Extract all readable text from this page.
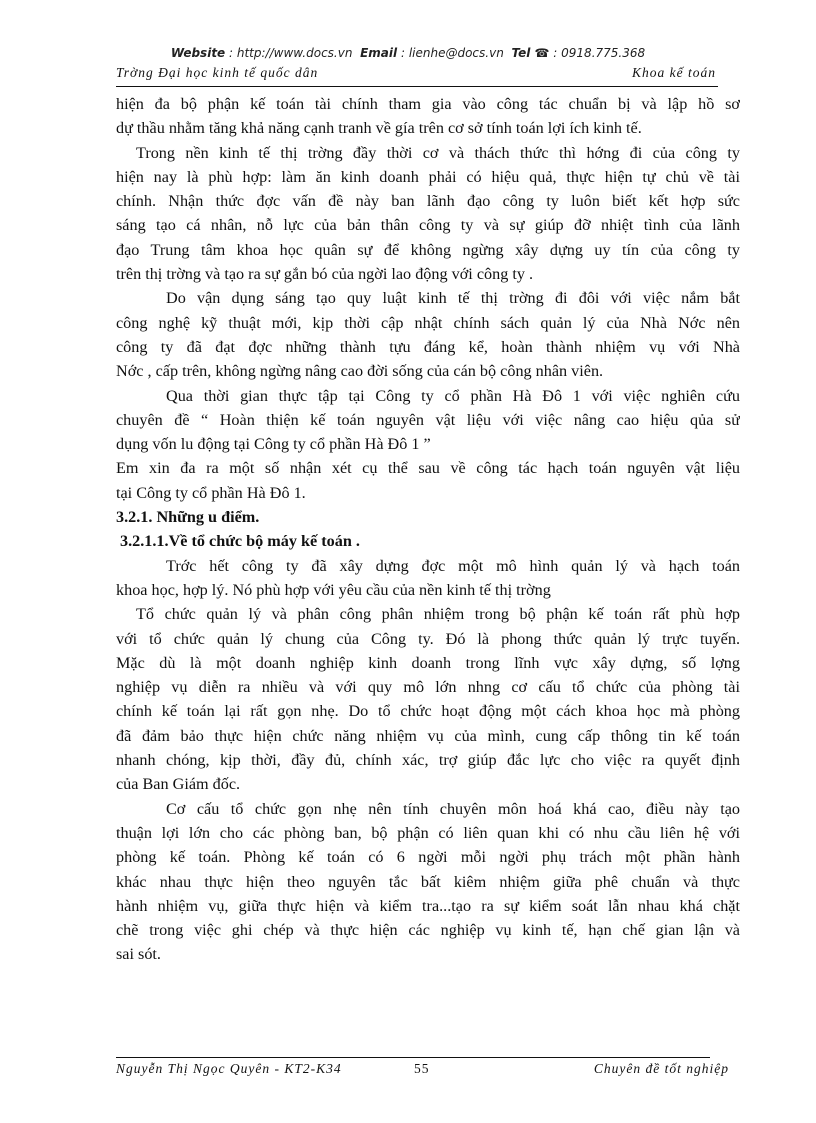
Website : http://www.docs.vn Email : lienhe@docs.vn Tel ☎ : 0918.775.368
Trờng Đại học kinh tế quốc dân	Khoa kế toán
hiện đa bộ phận kế toán tài chính tham gia vào công tác chuẩn bị và lập hồ sơ
dự thầu nhằm tăng khả năng cạnh tranh về gía trên cơ sở tính toán lợi ích kinh tế.
Trong nền kinh tế thị trờng đầy thời cơ và thách thức thì hớng đi của công ty
hiện nay là phù hợp: làm ăn kinh doanh phải có hiệu quả, thực hiện tự chủ về tài
chính. Nhận thức đợc vấn đề này ban lãnh đạo công ty luôn biết kết hợp sức
sáng tạo cá nhân, nỗ lực của bản thân công ty và sự giúp đỡ nhiệt tình của lãnh
đạo Trung tâm khoa học quân sự để không ngừng xây dựng uy tín của công ty
trên thị trờng và tạo ra sự gắn bó của ngời lao động với công ty .
Do vận dụng sáng tạo quy luật kinh tế thị trờng đi đôi với việc nắm bắt
công nghệ kỹ thuật mới, kịp thời cập nhật chính sách quản lý của Nhà Nớc nên
công ty đã đạt đợc những thành tựu đáng kể, hoàn thành nhiệm vụ với Nhà
Nớc , cấp trên, không ngừng nâng cao đời sống của cán bộ công nhân viên.
Qua thời gian thực tập tại Công ty cổ phần Hà Đô 1 với việc nghiên cứu
chuyên đề “ Hoàn thiện kế toán nguyên vật liệu với việc nâng cao hiệu qủa sử
dụng vốn lu động tại Công ty cổ phần Hà Đô 1 ”
Em xin đa ra một số nhận xét cụ thể sau về công tác hạch toán nguyên vật liệu
tại Công ty cổ phần Hà Đô 1.
3.2.1. Những u điểm.
3.2.1.1.Về tổ chức bộ máy kế toán .
Trớc hết công ty đã xây dựng đợc một mô hình quản lý và hạch toán
khoa học, hợp lý. Nó phù hợp với yêu cầu của nền kinh tế thị trờng
Tổ chức quản lý và phân công phân nhiệm trong bộ phận kế toán rất phù hợp
với tổ chức quản lý chung của Công ty. Đó là phong thức quản lý trực tuyến.
Mặc dù là một doanh nghiệp kinh doanh trong lĩnh vực xây dựng, số lợng
nghiệp vụ diễn ra nhiều và với quy mô lớn nhng cơ cấu tổ chức của phòng tài
chính kế toán lại rất gọn nhẹ. Do tổ chức hoạt động một cách khoa học mà phòng
đã đảm bảo thực hiện chức năng nhiệm vụ của mình, cung cấp thông tin kế toán
nhanh chóng, kịp thời, đầy đủ, chính xác, trợ giúp đắc lực cho việc ra quyết định
của Ban Giám đốc.
Cơ cấu tổ chức gọn nhẹ nên tính chuyên môn hoá khá cao, điều này tạo
thuận lợi lớn cho các phòng ban, bộ phận có liên quan khi có nhu cầu liên hệ với
phòng kế toán. Phòng kế toán có 6 ngời mỗi ngời phụ trách một phần hành
khác nhau thực hiện theo nguyên tắc bất kiêm nhiệm giữa phê chuẩn và thực
hành nhiệm vụ, giữa thực hiện và kiểm tra...tạo ra sự kiểm soát lẫn nhau khá chặt
chẽ trong việc ghi chép và thực hiện các nghiệp vụ kinh tế, hạn chế gian lận và
sai sót.
Nguyễn Thị Ngọc Quyên - KT2-K34	55	Chuyên đề tốt nghiệp
